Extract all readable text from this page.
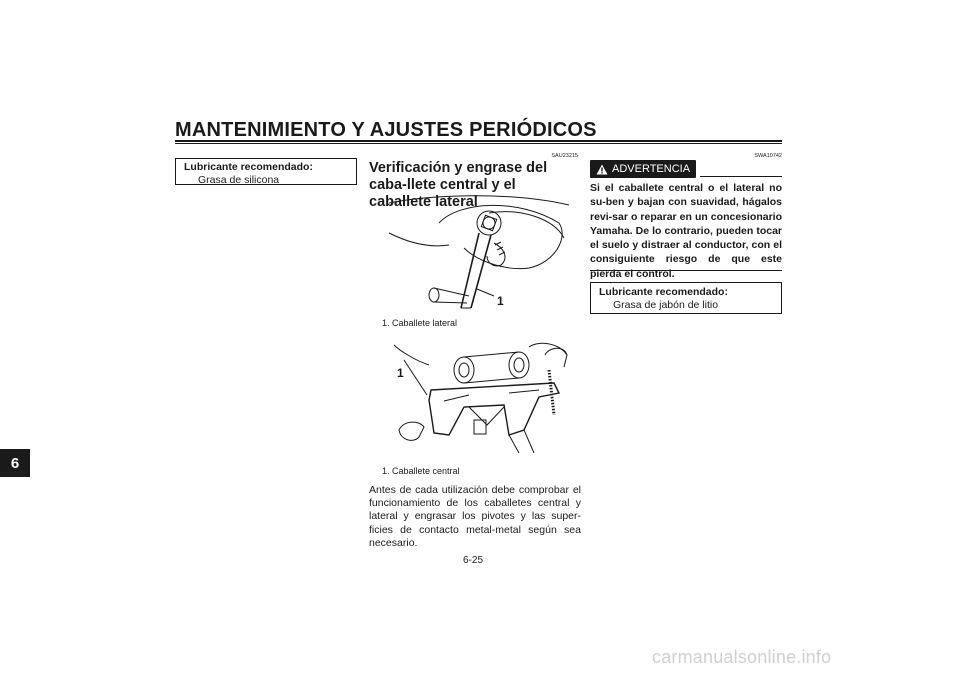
MANTENIMIENTO Y AJUSTES PERIÓDICOS
6
Lubricante recomendado:
Grasa de silicona
SAU23215
Verificación y engrase del caba-llete central y el caballete lateral
1
1. Caballete lateral
1
1. Caballete central
Antes de cada utilización debe comprobar el funcionamiento de los caballetes central y lateral y engrasar los pivotes y las super-ficies de contacto metal-metal según sea necesario.
SWA10742
ADVERTENCIA
Si el caballete central o el lateral no su-ben y bajan con suavidad, hágalos revi-sar o reparar en un concesionario Yamaha. De lo contrario, pueden tocar el suelo y distraer al conductor, con el consiguiente riesgo de que este pierda el control.
Lubricante recomendado:
Grasa de jabón de litio
6-25
carmanualsonline.info
